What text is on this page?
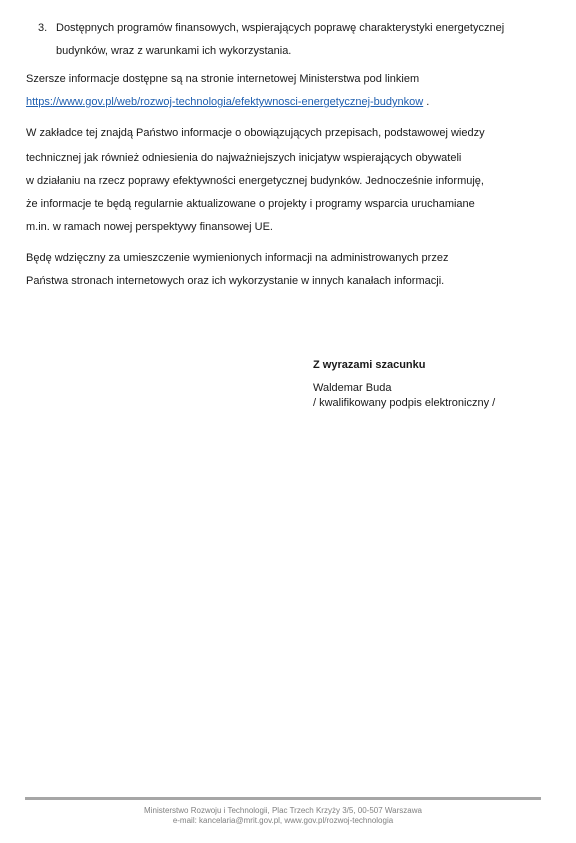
3. Dostępnych programów finansowych, wspierających poprawę charakterystyki energetycznej
budynków, wraz z warunkami ich wykorzystania.
Szersze informacje dostępne są na stronie internetowej Ministerstwa pod linkiem
https://www.gov.pl/web/rozwoj-technologia/efektywnosci-energetycznej-budynkow .
W zakładce tej znajdą Państwo informacje o obowiązujących przepisach, podstawowej wiedzy
technicznej jak również odniesienia do najważniejszych inicjatyw wspierających obywateli
w działaniu na rzecz poprawy efektywności energetycznej budynków. Jednocześnie informuję,
że informacje te będą regularnie aktualizowane o projekty i programy wsparcia uruchamiane
m.in. w ramach nowej perspektywy finansowej UE.
Będę wdzięczny za umieszczenie wymienionych informacji na administrowanych przez
Państwa stronach internetowych oraz ich wykorzystanie w innych kanałach informacji.
Z wyrazami szacunku
Waldemar Buda
/ kwalifikowany podpis elektroniczny /
Ministerstwo Rozwoju i Technologii, Plac Trzech Krzyży 3/5, 00-507 Warszawa
e-mail: kancelaria@mrit.gov.pl, www.gov.pl/rozwoj-technologia
